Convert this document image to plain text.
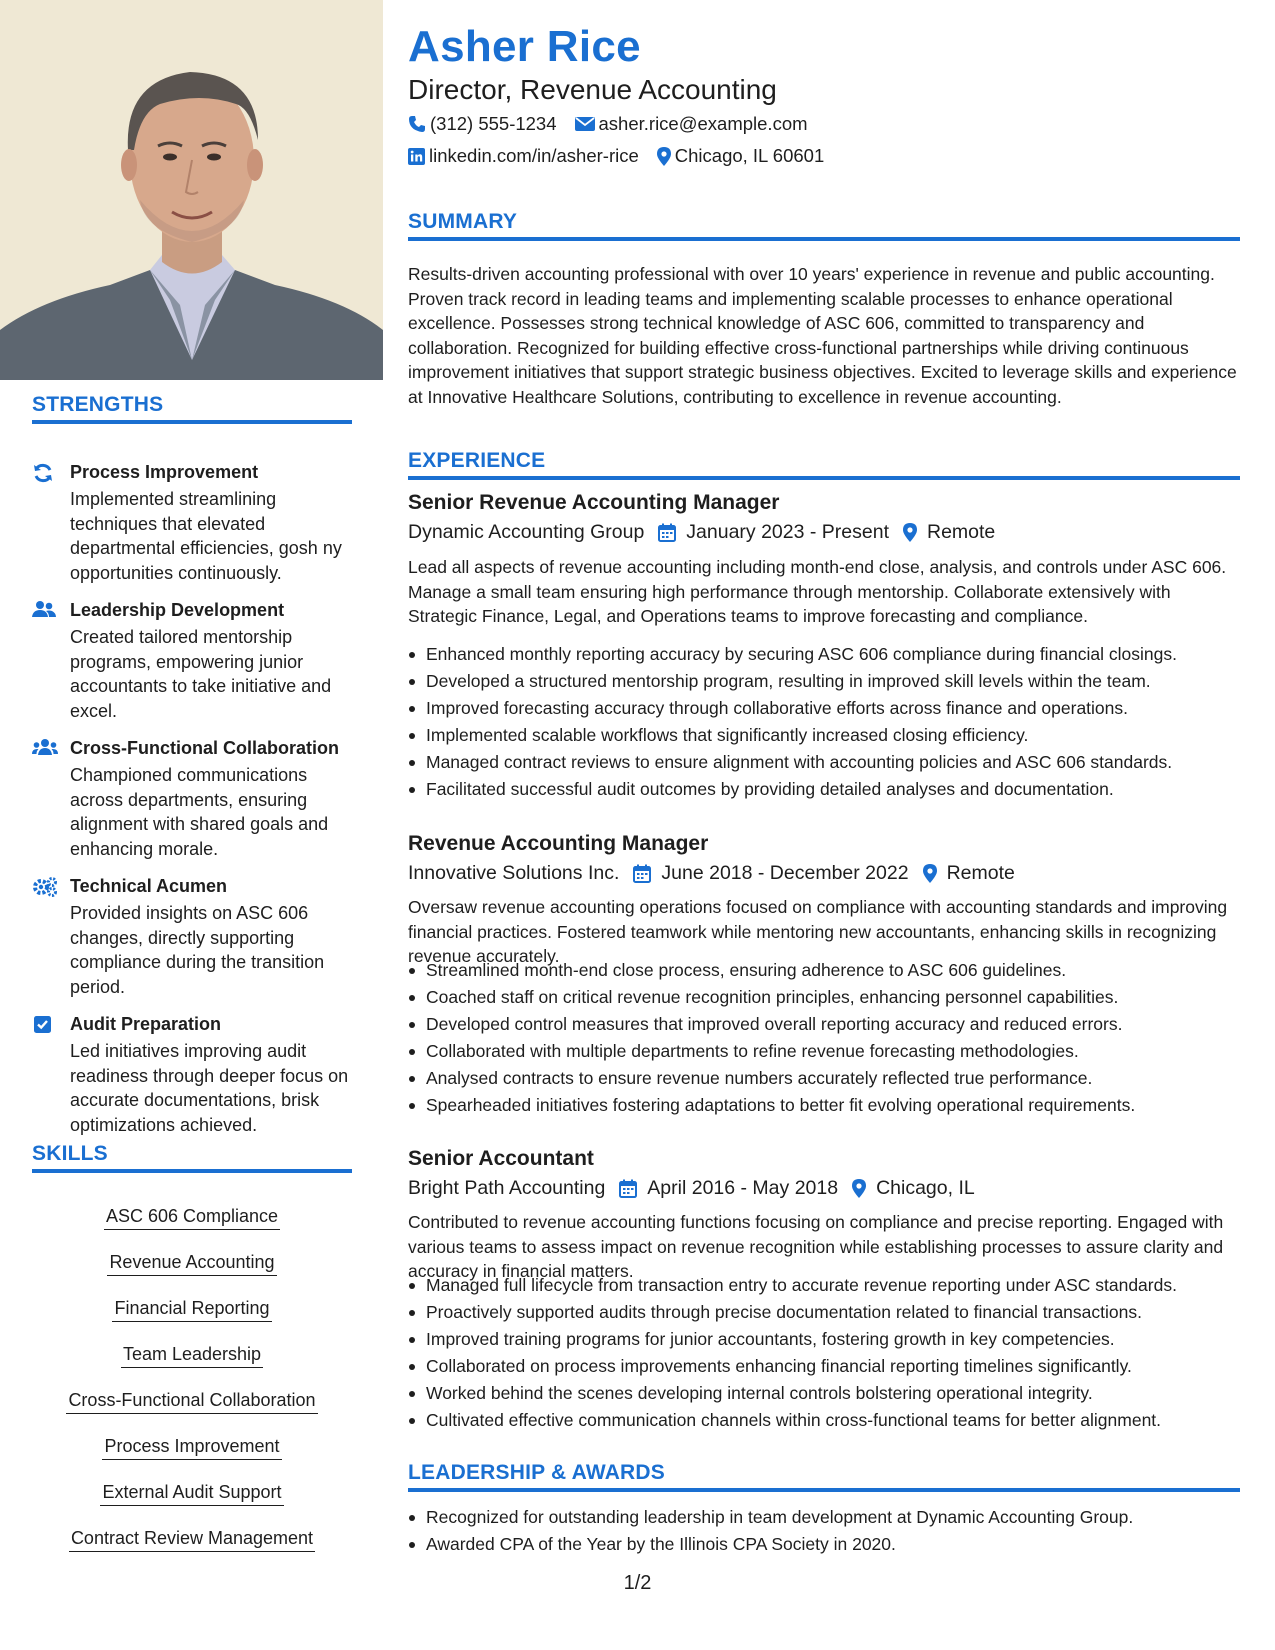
STRENGTHS
Process Improvement
Implemented streamlining techniques that elevated departmental efficiencies, gosh ny opportunities continuously.
Leadership Development
Created tailored mentorship programs, empowering junior accountants to take initiative and excel.
Cross-Functional Collaboration
Championed communications across departments, ensuring alignment with shared goals and enhancing morale.
Technical Acumen
Provided insights on ASC 606 changes, directly supporting compliance during the transition period.
Audit Preparation
Led initiatives improving audit readiness through deeper focus on accurate documentations, brisk optimizations achieved.
SKILLS
ASC 606 Compliance
Revenue Accounting
Financial Reporting
Team Leadership
Cross-Functional Collaboration
Process Improvement
External Audit Support
Contract Review Management
Asher Rice
Director, Revenue Accounting
(312) 555-1234 asher.rice@example.com
linkedin.com/in/asher-rice Chicago, IL 60601
SUMMARY
Results-driven accounting professional with over 10 years' experience in revenue and public accounting. Proven track record in leading teams and implementing scalable processes to enhance operational excellence. Possesses strong technical knowledge of ASC 606, committed to transparency and collaboration. Recognized for building effective cross-functional partnerships while driving continuous improvement initiatives that support strategic business objectives. Excited to leverage skills and experience at Innovative Healthcare Solutions, contributing to excellence in revenue accounting.
EXPERIENCE
Senior Revenue Accounting Manager
Dynamic Accounting Group January 2023 - Present Remote
Lead all aspects of revenue accounting including month-end close, analysis, and controls under ASC 606. Manage a small team ensuring high performance through mentorship. Collaborate extensively with Strategic Finance, Legal, and Operations teams to improve forecasting and compliance.
Enhanced monthly reporting accuracy by securing ASC 606 compliance during financial closings.
Developed a structured mentorship program, resulting in improved skill levels within the team.
Improved forecasting accuracy through collaborative efforts across finance and operations.
Implemented scalable workflows that significantly increased closing efficiency.
Managed contract reviews to ensure alignment with accounting policies and ASC 606 standards.
Facilitated successful audit outcomes by providing detailed analyses and documentation.
Revenue Accounting Manager
Innovative Solutions Inc. June 2018 - December 2022 Remote
Oversaw revenue accounting operations focused on compliance with accounting standards and improving financial practices. Fostered teamwork while mentoring new accountants, enhancing skills in recognizing revenue accurately.
Streamlined month-end close process, ensuring adherence to ASC 606 guidelines.
Coached staff on critical revenue recognition principles, enhancing personnel capabilities.
Developed control measures that improved overall reporting accuracy and reduced errors.
Collaborated with multiple departments to refine revenue forecasting methodologies.
Analysed contracts to ensure revenue numbers accurately reflected true performance.
Spearheaded initiatives fostering adaptations to better fit evolving operational requirements.
Senior Accountant
Bright Path Accounting April 2016 - May 2018 Chicago, IL
Contributed to revenue accounting functions focusing on compliance and precise reporting. Engaged with various teams to assess impact on revenue recognition while establishing processes to assure clarity and accuracy in financial matters.
Managed full lifecycle from transaction entry to accurate revenue reporting under ASC standards.
Proactively supported audits through precise documentation related to financial transactions.
Improved training programs for junior accountants, fostering growth in key competencies.
Collaborated on process improvements enhancing financial reporting timelines significantly.
Worked behind the scenes developing internal controls bolstering operational integrity.
Cultivated effective communication channels within cross-functional teams for better alignment.
LEADERSHIP & AWARDS
Recognized for outstanding leadership in team development at Dynamic Accounting Group.
Awarded CPA of the Year by the Illinois CPA Society in 2020.
1/2
